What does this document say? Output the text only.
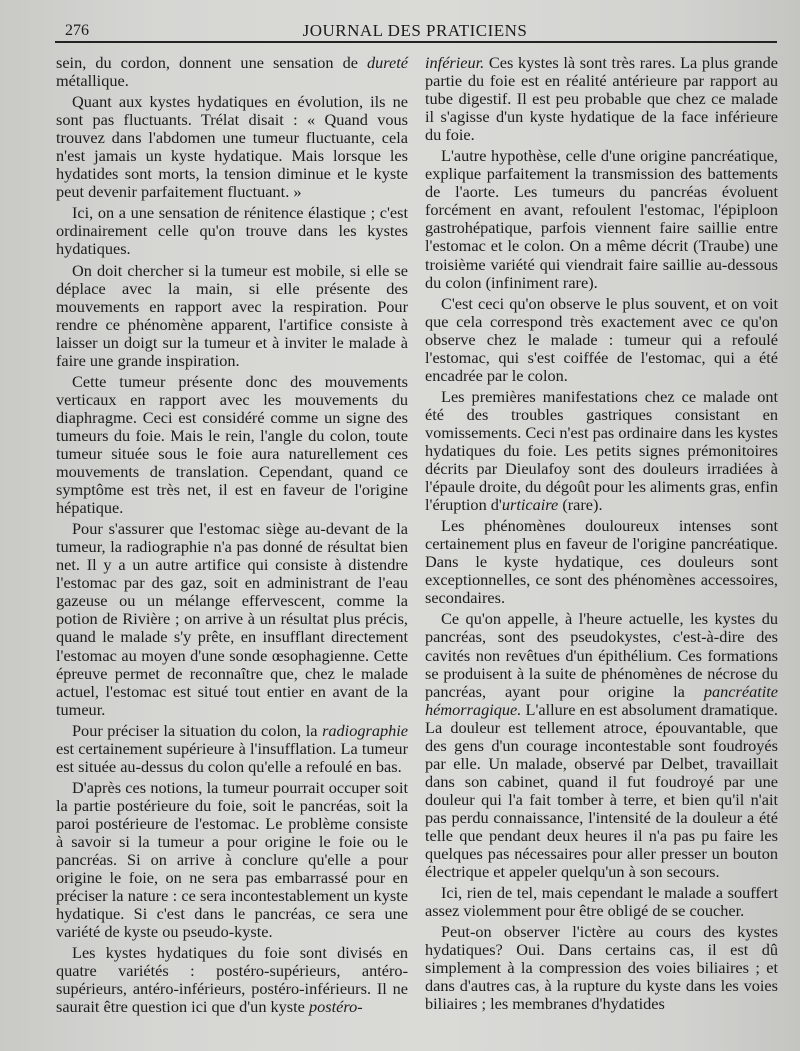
276	JOURNAL DES PRATICIENS

sein, du cordon, donnent une sensation de dureté métallique.

Quant aux kystes hydatiques en évolution, ils ne sont pas fluctuants. Trélat disait : « Quand vous trouvez dans l'abdomen une tumeur fluctuante, cela n'est jamais un kyste hydatique. Mais lorsque les hydatides sont morts, la tension diminue et le kyste peut devenir parfaitement fluctuant. »

Ici, on a une sensation de rénitence élastique ; c'est ordinairement celle qu'on trouve dans les kystes hydatiques.

On doit chercher si la tumeur est mobile, si elle se déplace avec la main, si elle présente des mouvements en rapport avec la respiration. Pour rendre ce phénomène apparent, l'artifice consiste à laisser un doigt sur la tumeur et à inviter le malade à faire une grande inspiration.

Cette tumeur présente donc des mouvements verticaux en rapport avec les mouvements du diaphragme. Ceci est considéré comme un signe des tumeurs du foie. Mais le rein, l'angle du colon, toute tumeur située sous le foie aura naturellement ces mouvements de translation. Cependant, quand ce symptôme est très net, il est en faveur de l'origine hépatique.

Pour s'assurer que l'estomac siège au-devant de la tumeur, la radiographie n'a pas donné de résultat bien net. Il y a un autre artifice qui consiste à distendre l'estomac par des gaz, soit en administrant de l'eau gazeuse ou un mélange effervescent, comme la potion de Rivière ; on arrive à un résultat plus précis, quand le malade s'y prête, en insufflant directement l'estomac au moyen d'une sonde œsophagienne. Cette épreuve permet de reconnaître que, chez le malade actuel, l'estomac est situé tout entier en avant de la tumeur.

Pour préciser la situation du colon, la radiographie est certainement supérieure à l'insufflation. La tumeur est située au-dessus du colon qu'elle a refoulé en bas.

D'après ces notions, la tumeur pourrait occuper soit la partie postérieure du foie, soit le pancréas, soit la paroi postérieure de l'estomac. Le problème consiste à savoir si la tumeur a pour origine le foie ou le pancréas. Si on arrive à conclure qu'elle a pour origine le foie, on ne sera pas embarrassé pour en préciser la nature : ce sera incontestablement un kyste hydatique. Si c'est dans le pancréas, ce sera une variété de kyste ou pseudo-kyste.

Les kystes hydatiques du foie sont divisés en quatre variétés : postéro-supérieurs, antéro-supérieurs, antéro-inférieurs, postéro-inférieurs. Il ne saurait être question ici que d'un kyste postéro-

inférieur. Ces kystes là sont très rares. La plus grande partie du foie est en réalité antérieure par rapport au tube digestif. Il est peu probable que chez ce malade il s'agisse d'un kyste hydatique de la face inférieure du foie.

L'autre hypothèse, celle d'une origine pancréatique, explique parfaitement la transmission des battements de l'aorte. Les tumeurs du pancréas évoluent forcément en avant, refoulent l'estomac, l'épiploon gastrohépatique, parfois viennent faire saillie entre l'estomac et le colon. On a même décrit (Traube) une troisième variété qui viendrait faire saillie au-dessous du colon (infiniment rare).

C'est ceci qu'on observe le plus souvent, et on voit que cela correspond très exactement avec ce qu'on observe chez le malade : tumeur qui a refoulé l'estomac, qui s'est coiffée de l'estomac, qui a été encadrée par le colon.

Les premières manifestations chez ce malade ont été des troubles gastriques consistant en vomissements. Ceci n'est pas ordinaire dans les kystes hydatiques du foie. Les petits signes prémonitoires décrits par Dieulafoy sont des douleurs irradiées à l'épaule droite, du dégoût pour les aliments gras, enfin l'éruption d'urticaire (rare).

Les phénomènes douloureux intenses sont certainement plus en faveur de l'origine pancréatique. Dans le kyste hydatique, ces douleurs sont exceptionnelles, ce sont des phénomènes accessoires, secondaires.

Ce qu'on appelle, à l'heure actuelle, les kystes du pancréas, sont des pseudokystes, c'est-à-dire des cavités non revêtues d'un épithélium. Ces formations se produisent à la suite de phénomènes de nécrose du pancréas, ayant pour origine la pancréatite hémorragique. L'allure en est absolument dramatique. La douleur est tellement atroce, épouvantable, que des gens d'un courage incontestable sont foudroyés par elle. Un malade, observé par Delbet, travaillait dans son cabinet, quand il fut foudroyé par une douleur qui l'a fait tomber à terre, et bien qu'il n'ait pas perdu connaissance, l'intensité de la douleur a été telle que pendant deux heures il n'a pas pu faire les quelques pas nécessaires pour aller presser un bouton électrique et appeler quelqu'un à son secours.

Ici, rien de tel, mais cependant le malade a souffert assez violemment pour être obligé de se coucher.

Peut-on observer l'ictère au cours des kystes hydatiques? Oui. Dans certains cas, il est dû simplement à la compression des voies biliaires ; et dans d'autres cas, à la rupture du kyste dans les voies biliaires ; les membranes d'hydatides
